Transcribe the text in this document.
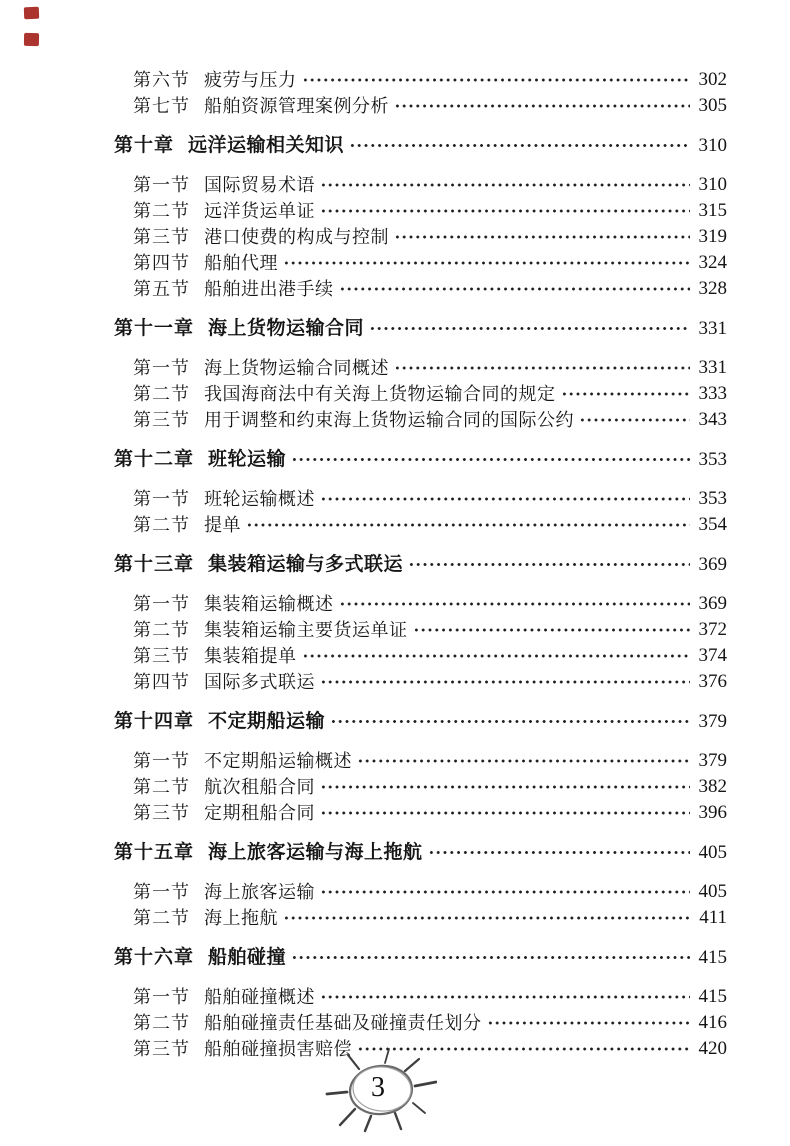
第六节 疲劳与压力	302
第七节 船舶资源管理案例分析	305
第十章 远洋运输相关知识	310
第一节 国际贸易术语	310
第二节 远洋货运单证	315
第三节 港口使费的构成与控制	319
第四节 船舶代理	324
第五节 船舶进出港手续	328
第十一章 海上货物运输合同	331
第一节 海上货物运输合同概述	331
第二节 我国海商法中有关海上货物运输合同的规定	333
第三节 用于调整和约束海上货物运输合同的国际公约	343
第十二章 班轮运输	353
第一节 班轮运输概述	353
第二节 提单	354
第十三章 集装箱运输与多式联运	369
第一节 集装箱运输概述	369
第二节 集装箱运输主要货运单证	372
第三节 集装箱提单	374
第四节 国际多式联运	376
第十四章 不定期船运输	379
第一节 不定期船运输概述	379
第二节 航次租船合同	382
第三节 定期租船合同	396
第十五章 海上旅客运输与海上拖航	405
第一节 海上旅客运输	405
第二节 海上拖航	411
第十六章 船舶碰撞	415
第一节 船舶碰撞概述	415
第二节 船舶碰撞责任基础及碰撞责任划分	416
第三节 船舶碰撞损害赔偿	420
3
